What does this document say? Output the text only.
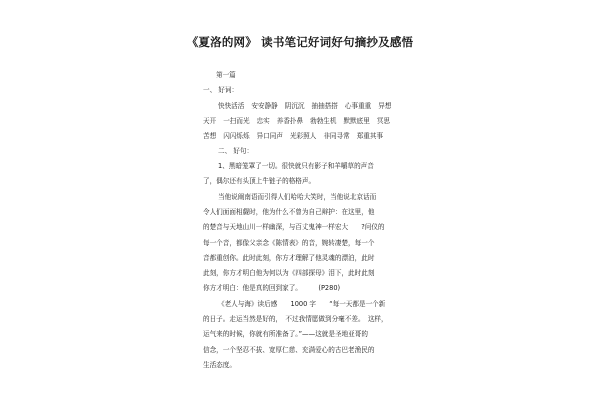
《夏洛的网》 读书笔记好词好句摘抄及感悟
第一篇
一、 好词：
快快活活 安安静静 阴沉沉 抽抽搭搭 心事重重 异想
天开 一扫而光 忠实 养香扑鼻 勃勃生机 默默底里 冥思
苦想 闪闪烁烁 异口同声 光彩照人 非同寻常 郑重其事
二、 好句：
1、黑暗笼罩了一切。很快就只有影子和羊嚼草的声音
了，偶尔还有头顶上牛链子的格格声。
当他说阐南语而引得人们哈哈大笑时，当他说北京话而
令人们面面相觑时，他为什么不曾为自己辩护：在这里，他
的楚音与天地山川一样幽深，与百丈鬼神一样宏大　　?问仪的
每一个音，都像父亲念《陈情表》的音，婉转凄楚，每一个
音都重创你。此时此刻，你方才理解了他灵魂的漂泊，此时
此刻，你方才明白他为何以为《四部探母》泪下，此时此刻
你方才明白：他是真的回到家了。　　　(P280)
《老人与海》读后感　　1000 字　　“每一天都是一个新
的日子。走运当然是好的，　不过我情愿做到分毫不差。　这样，
运气来的时候，你就有所准备了。”——这就是圣地亚哥的
信念，一个坚忍不拔、宽厚仁慈、充满爱心的古巴老渔民的
生活态度。
